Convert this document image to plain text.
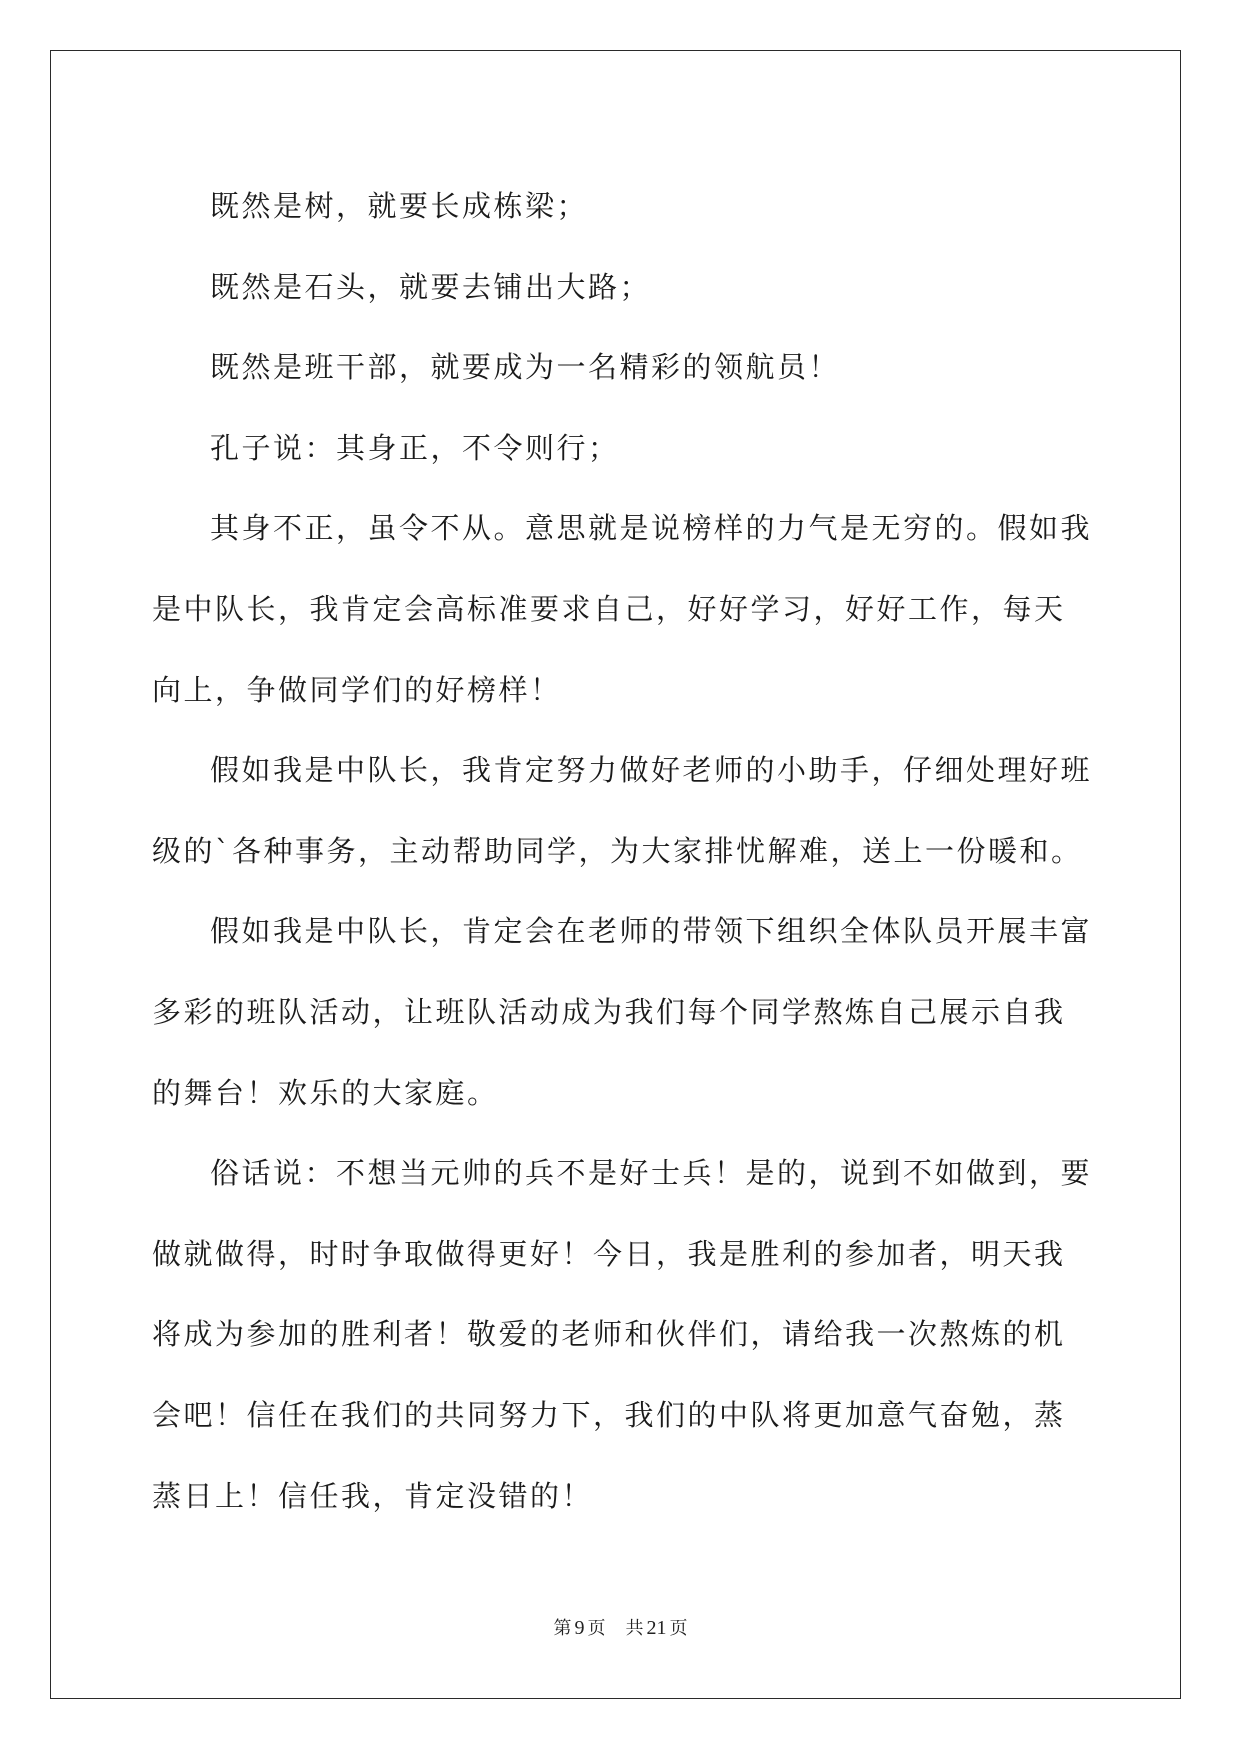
既然是树，就要长成栋梁；

既然是石头，就要去铺出大路；

既然是班干部，就要成为一名精彩的领航员！

孔子说：其身正，不令则行；

其身不正，虽令不从。意思就是说榜样的力气是无穷的。假如我是中队长，我肯定会高标准要求自己，好好学习，好好工作，每天向上，争做同学们的好榜样！

假如我是中队长，我肯定努力做好老师的小助手，仔细处理好班级的`各种事务，主动帮助同学，为大家排忧解难，送上一份暖和。

假如我是中队长，肯定会在老师的带领下组织全体队员开展丰富多彩的班队活动，让班队活动成为我们每个同学熬炼自己展示自我的舞台！欢乐的大家庭。

俗话说：不想当元帅的兵不是好士兵！是的，说到不如做到，要做就做得，时时争取做得更好！今日，我是胜利的参加者，明天我将成为参加的胜利者！敬爱的老师和伙伴们，请给我一次熬炼的机会吧！信任在我们的共同努力下，我们的中队将更加意气奋勉，蒸蒸日上！信任我，肯定没错的！

第 9 页 共 21 页
